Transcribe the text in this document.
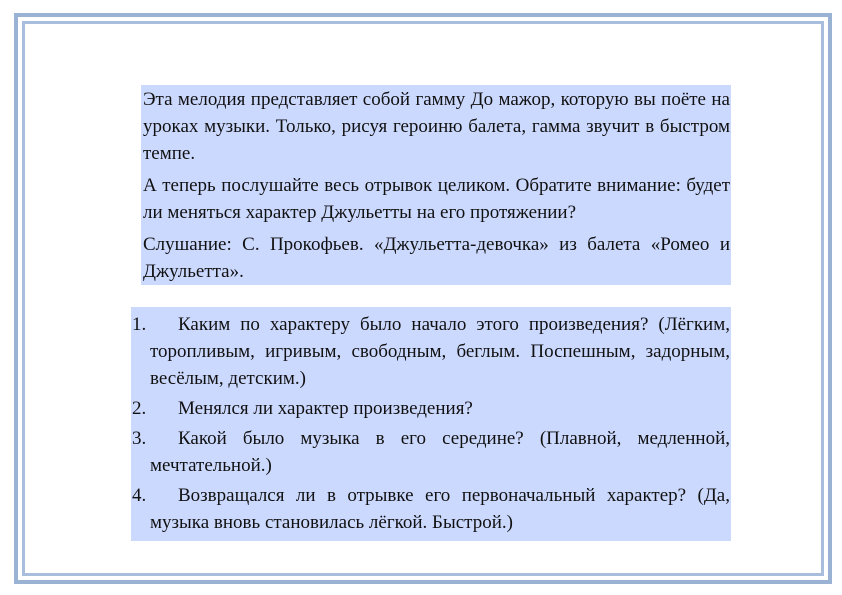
Эта мелодия представляет собой гамму До мажор, которую вы поёте на уроках музыки. Только, рисуя героиню балета, гамма звучит в быстром темпе.

А теперь послушайте весь отрывок целиком. Обратите внимание: будет ли меняться характер Джульетты на его протяжении?

Слушание: С. Прокофьев. «Джульетта-девочка» из балета «Ромео и Джульетта».

1.	Каким по характеру было начало этого произведения? (Лёгким, торопливым, игривым, свободным, беглым. Поспешным, задорным, весёлым, детским.)
2.	Менялся ли характер произведения?
3.	Какой было музыка в его середине? (Плавной, медленной, мечтательной.)
4.	Возвращался ли в отрывке его первоначальный характер? (Да, музыка вновь становилась лёгкой. Быстрой.)
